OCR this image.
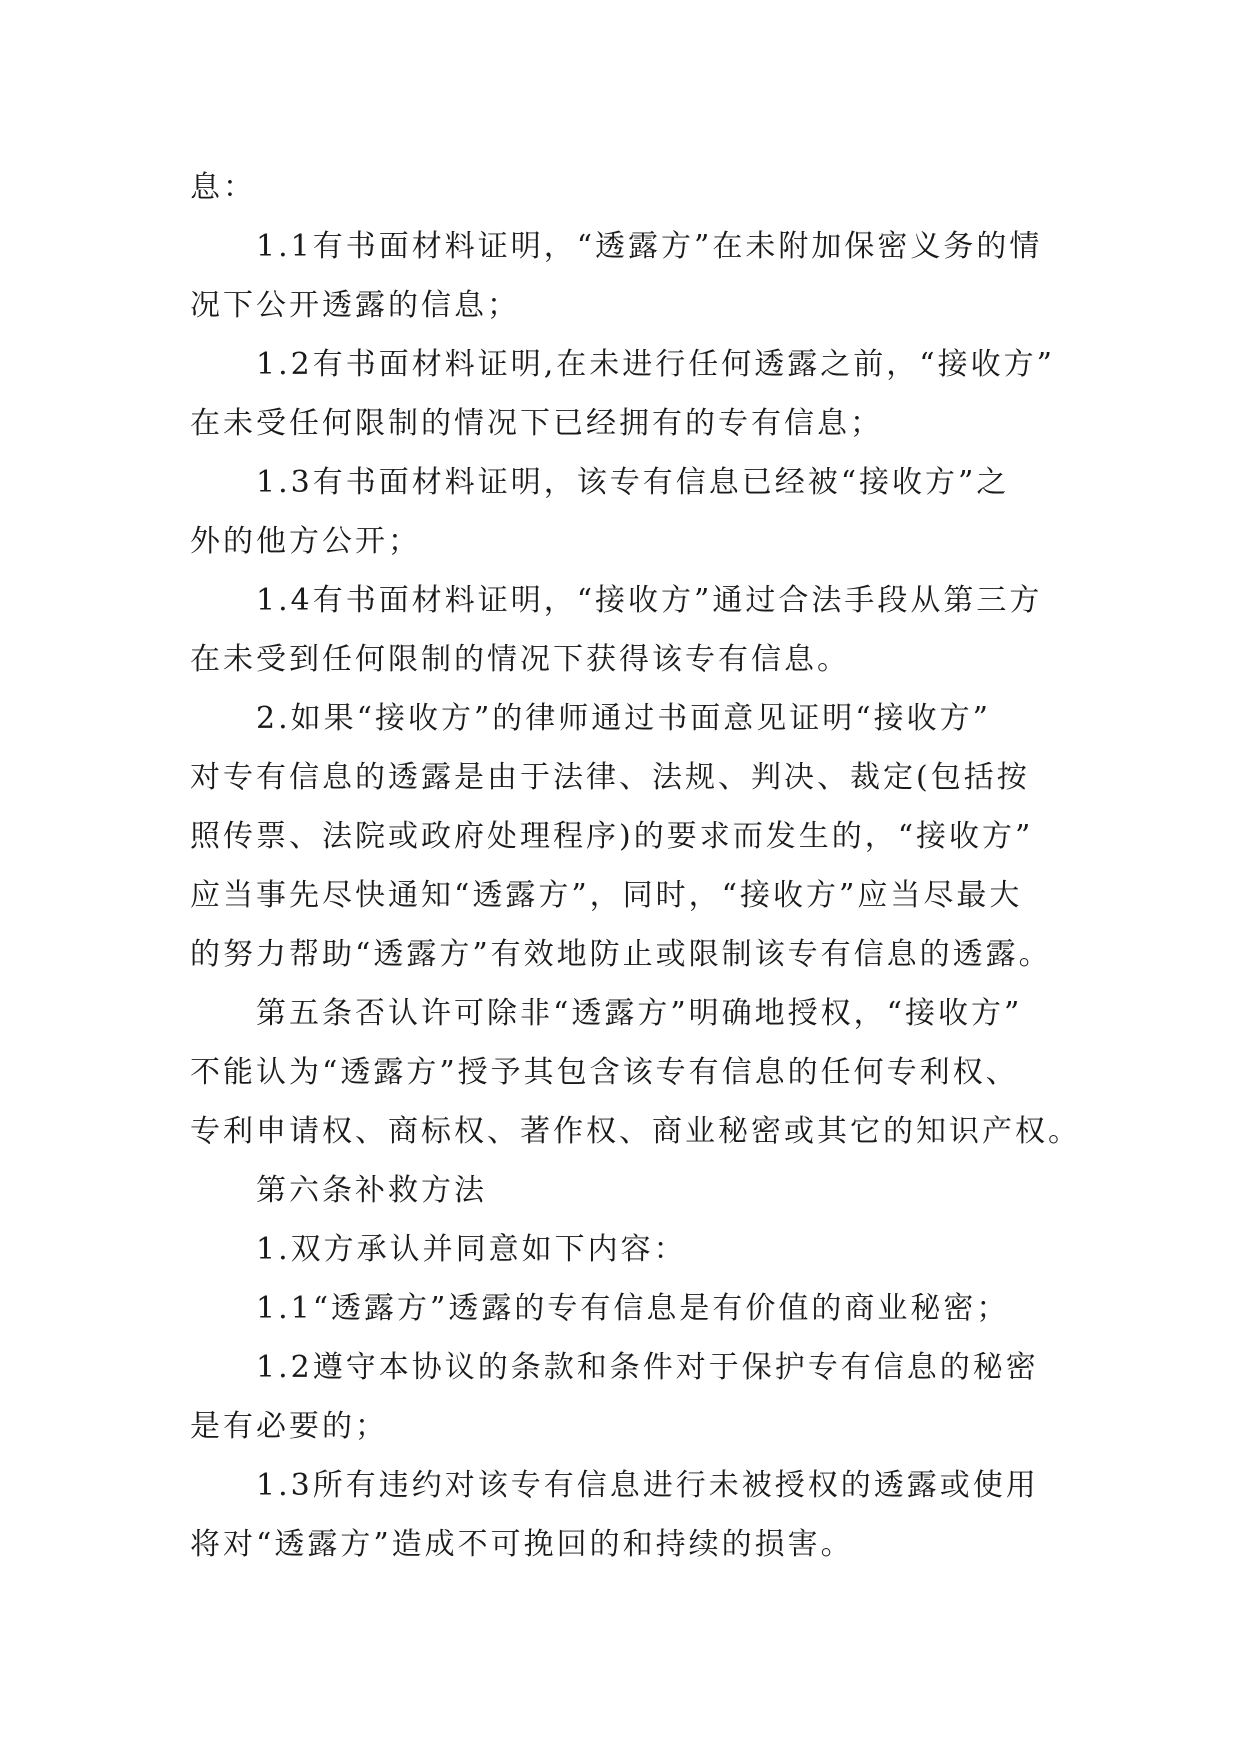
息：
1.1有书面材料证明，“透露方”在未附加保密义务的情
况下公开透露的信息；
1.2有书面材料证明,在未进行任何透露之前，“接收方”
在未受任何限制的情况下已经拥有的专有信息；
1.3有书面材料证明，该专有信息已经被“接收方”之
外的他方公开；
1.4有书面材料证明，“接收方”通过合法手段从第三方
在未受到任何限制的情况下获得该专有信息。
2.如果“接收方”的律师通过书面意见证明“接收方”
对专有信息的透露是由于法律、法规、判决、裁定(包括按
照传票、法院或政府处理程序)的要求而发生的，“接收方”
应当事先尽快通知“透露方”，同时，“接收方”应当尽最大
的努力帮助“透露方”有效地防止或限制该专有信息的透露。
第五条否认许可除非“透露方”明确地授权，“接收方”
不能认为“透露方”授予其包含该专有信息的任何专利权、
专利申请权、商标权、著作权、商业秘密或其它的知识产权。
第六条补救方法
1.双方承认并同意如下内容：
1.1“透露方”透露的专有信息是有价值的商业秘密；
1.2遵守本协议的条款和条件对于保护专有信息的秘密
是有必要的；
1.3所有违约对该专有信息进行未被授权的透露或使用
将对“透露方”造成不可挽回的和持续的损害。
